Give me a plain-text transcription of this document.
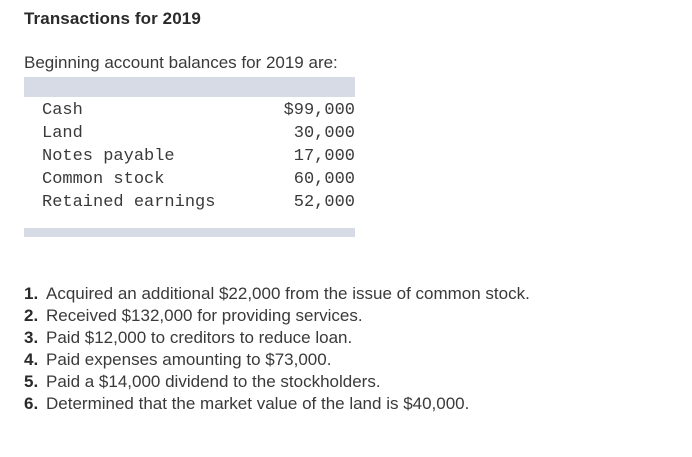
Transactions for 2019
Beginning account balances for 2019 are:
Cash	$99,000
Land	30,000
Notes payable	17,000
Common stock	60,000
Retained earnings	52,000
1. Acquired an additional $22,000 from the issue of common stock.
2. Received $132,000 for providing services.
3. Paid $12,000 to creditors to reduce loan.
4. Paid expenses amounting to $73,000.
5. Paid a $14,000 dividend to the stockholders.
6. Determined that the market value of the land is $40,000.
